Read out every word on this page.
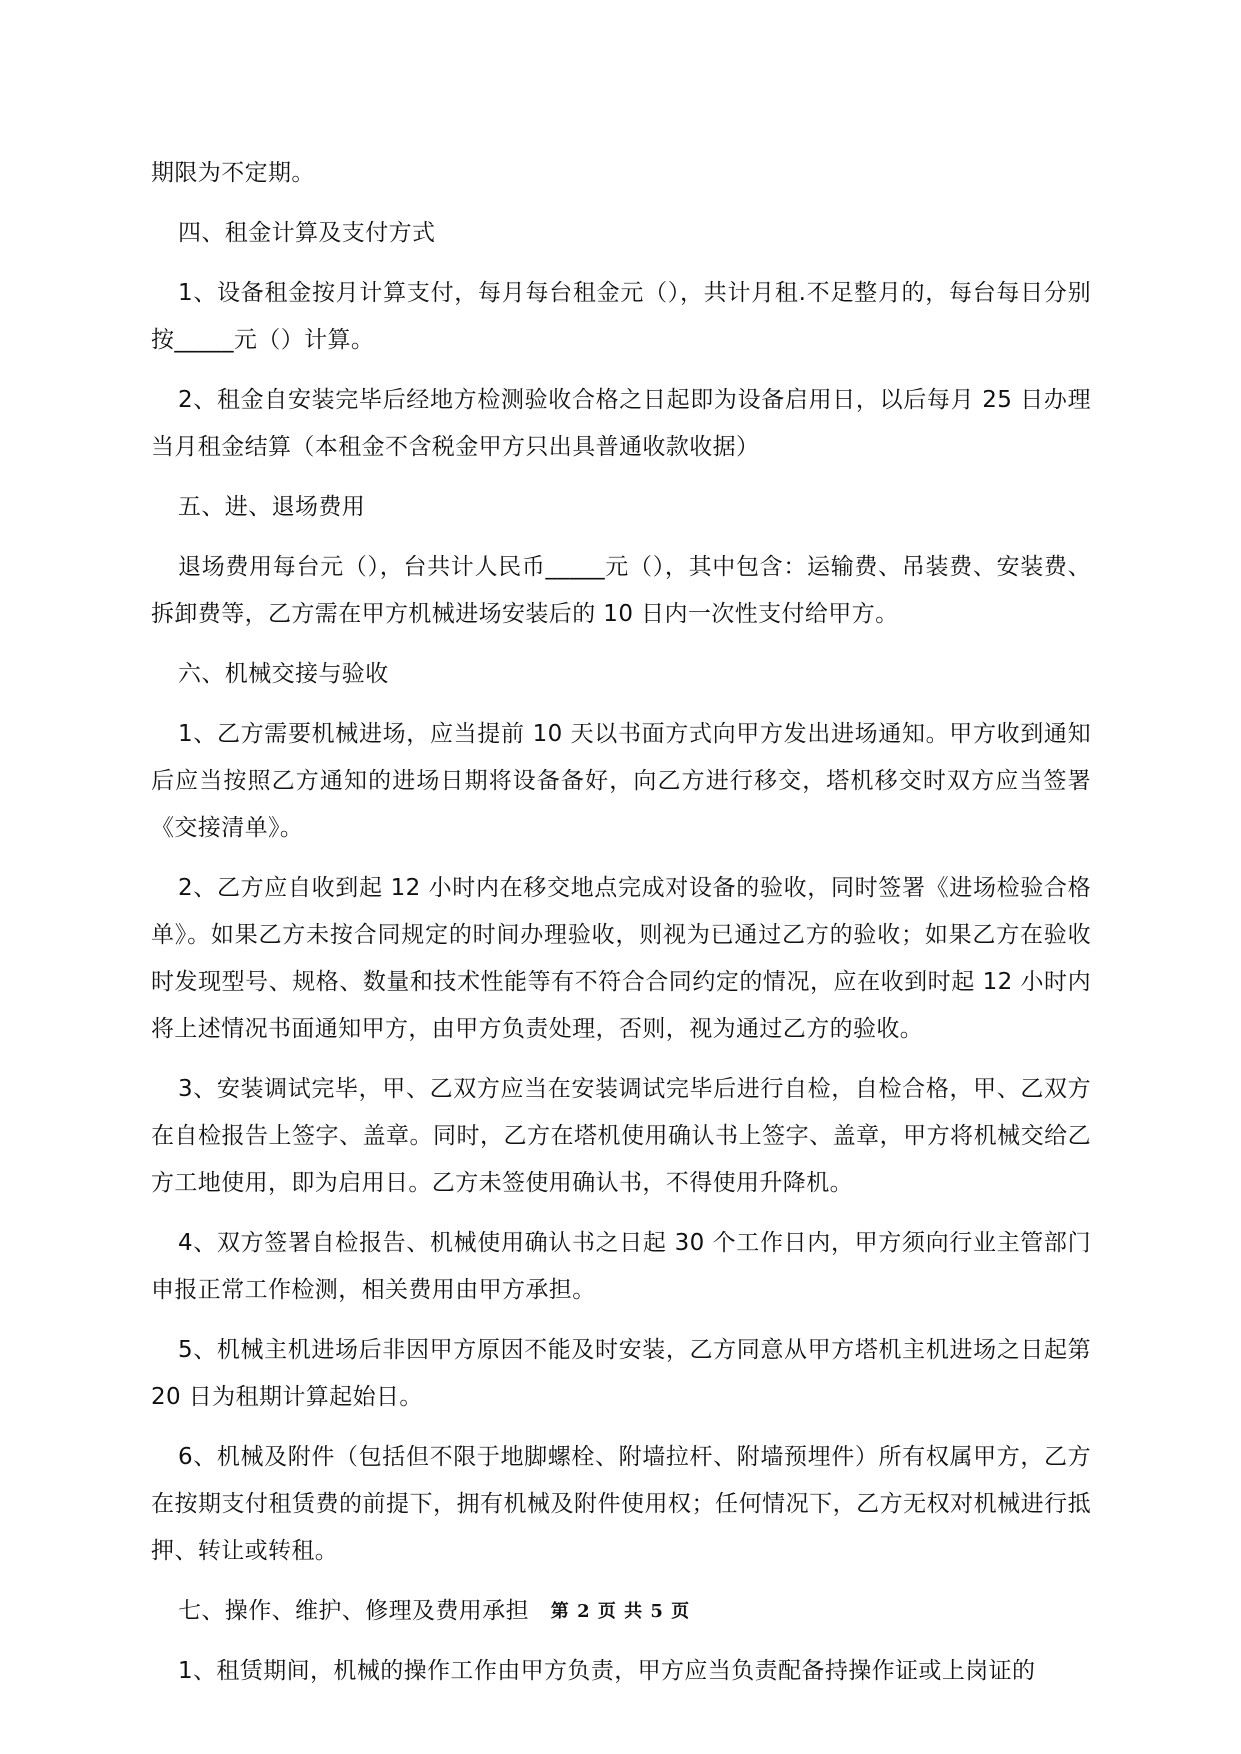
期限为不定期。

四、租金计算及支付方式

1、设备租金按月计算支付，每月每台租金元（），共计月租.不足整月的，每台每日分别按_____元（）计算。

2、租金自安装完毕后经地方检测验收合格之日起即为设备启用日，以后每月 25 日办理当月租金结算（本租金不含税金甲方只出具普通收款收据）

五、进、退场费用

退场费用每台元（），台共计人民币_____元（），其中包含：运输费、吊装费、安装费、拆卸费等，乙方需在甲方机械进场安装后的 10 日内一次性支付给甲方。

六、机械交接与验收

1、乙方需要机械进场，应当提前 10 天以书面方式向甲方发出进场通知。甲方收到通知后应当按照乙方通知的进场日期将设备备好，向乙方进行移交，塔机移交时双方应当签署《交接清单》。

2、乙方应自收到起 12 小时内在移交地点完成对设备的验收，同时签署《进场检验合格单》。如果乙方未按合同规定的时间办理验收，则视为已通过乙方的验收；如果乙方在验收时发现型号、规格、数量和技术性能等有不符合合同约定的情况，应在收到时起 12 小时内将上述情况书面通知甲方，由甲方负责处理，否则，视为通过乙方的验收。

3、安装调试完毕，甲、乙双方应当在安装调试完毕后进行自检，自检合格，甲、乙双方在自检报告上签字、盖章。同时，乙方在塔机使用确认书上签字、盖章，甲方将机械交给乙方工地使用，即为启用日。乙方未签使用确认书，不得使用升降机。

4、双方签署自检报告、机械使用确认书之日起 30 个工作日内，甲方须向行业主管部门申报正常工作检测，相关费用由甲方承担。

5、机械主机进场后非因甲方原因不能及时安装，乙方同意从甲方塔机主机进场之日起第 20 日为租期计算起始日。

6、机械及附件（包括但不限于地脚螺栓、附墙拉杆、附墙预埋件）所有权属甲方，乙方在按期支付租赁费的前提下，拥有机械及附件使用权；任何情况下，乙方无权对机械进行抵押、转让或转租。

七、操作、维护、修理及费用承担

1、租赁期间，机械的操作工作由甲方负责，甲方应当负责配备持操作证或上岗证的

第 2 页 共 5 页
